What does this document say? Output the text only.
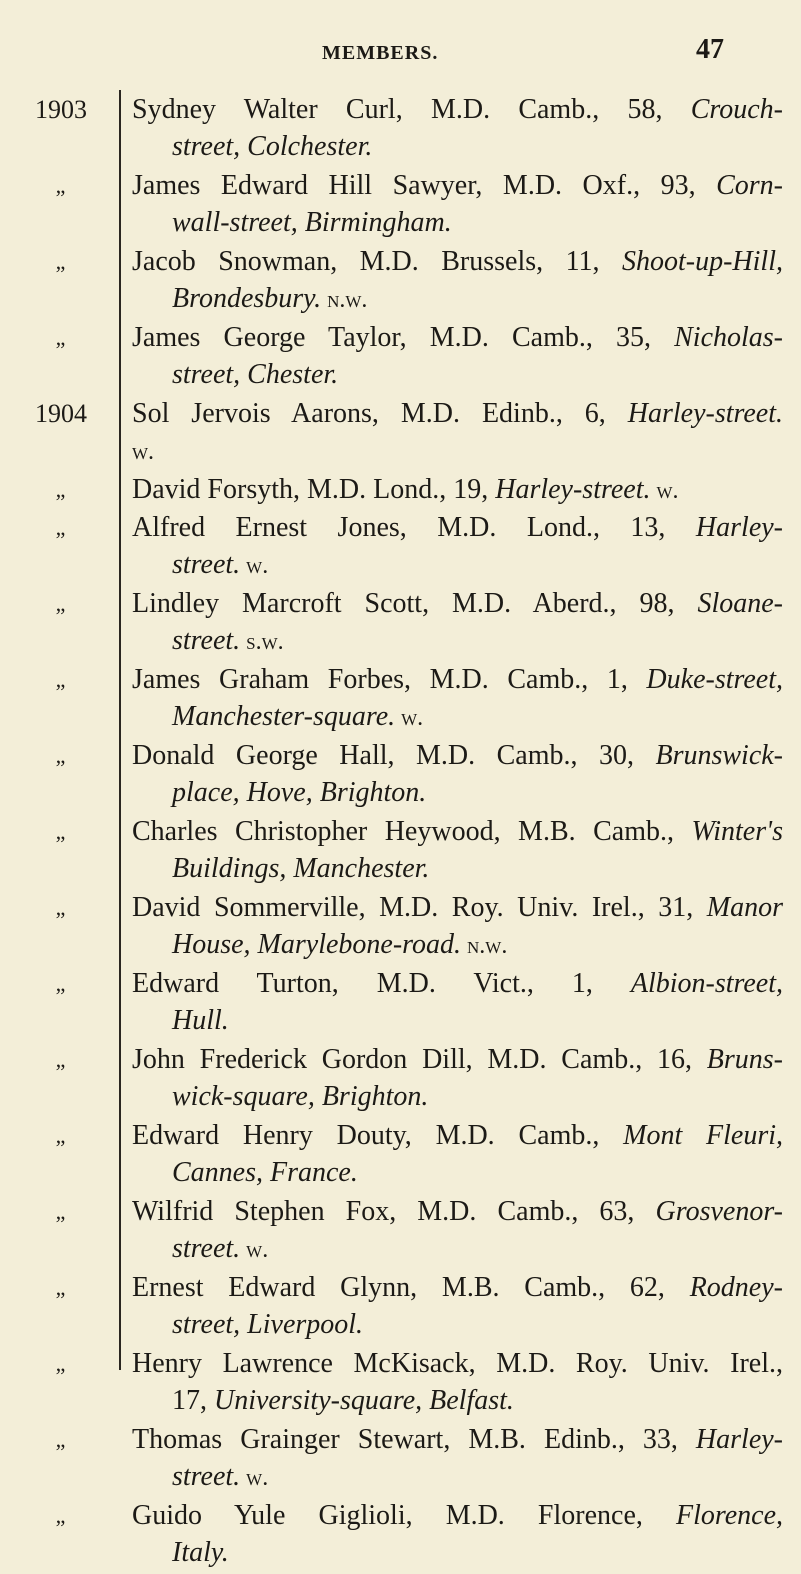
MEMBERS.	47
1903	Sydney Walter Curl, M.D. Camb., 58, Crouch-
street, Colchester.
„	James Edward Hill Sawyer, M.D. Oxf., 93, Corn-
wall-street, Birmingham.
„	Jacob Snowman, M.D. Brussels, 11, Shoot-up-Hill,
Brondesbury. n.w.
„	James George Taylor, M.D. Camb., 35, Nicholas-
street, Chester.
1904	Sol Jervois Aarons, M.D. Edinb., 6, Harley-street.
w.
„	David Forsyth, M.D. Lond., 19, Harley-street. w.
„	Alfred Ernest Jones, M.D. Lond., 13, Harley-
street. w.
„	Lindley Marcroft Scott, M.D. Aberd., 98, Sloane-
street. s.w.
„	James Graham Forbes, M.D. Camb., 1, Duke-street,
Manchester-square. w.
„	Donald George Hall, M.D. Camb., 30, Brunswick-
place, Hove, Brighton.
„	Charles Christopher Heywood, M.B. Camb., Winter's
Buildings, Manchester.
„	David Sommerville, M.D. Roy. Univ. Irel., 31, Manor
House, Marylebone-road. n.w.
„	Edward Turton, M.D. Vict., 1, Albion-street,
Hull.
„	John Frederick Gordon Dill, M.D. Camb., 16, Bruns-
wick-square, Brighton.
„	Edward Henry Douty, M.D. Camb., Mont Fleuri,
Cannes, France.
„	Wilfrid Stephen Fox, M.D. Camb., 63, Grosvenor-
street. w.
„	Ernest Edward Glynn, M.B. Camb., 62, Rodney-
street, Liverpool.
„	Henry Lawrence McKisack, M.D. Roy. Univ. Irel.,
17, University-square, Belfast.
„	Thomas Grainger Stewart, M.B. Edinb., 33, Harley-
street. w.
„	Guido Yule Giglioli, M.D. Florence, Florence,
Italy.
